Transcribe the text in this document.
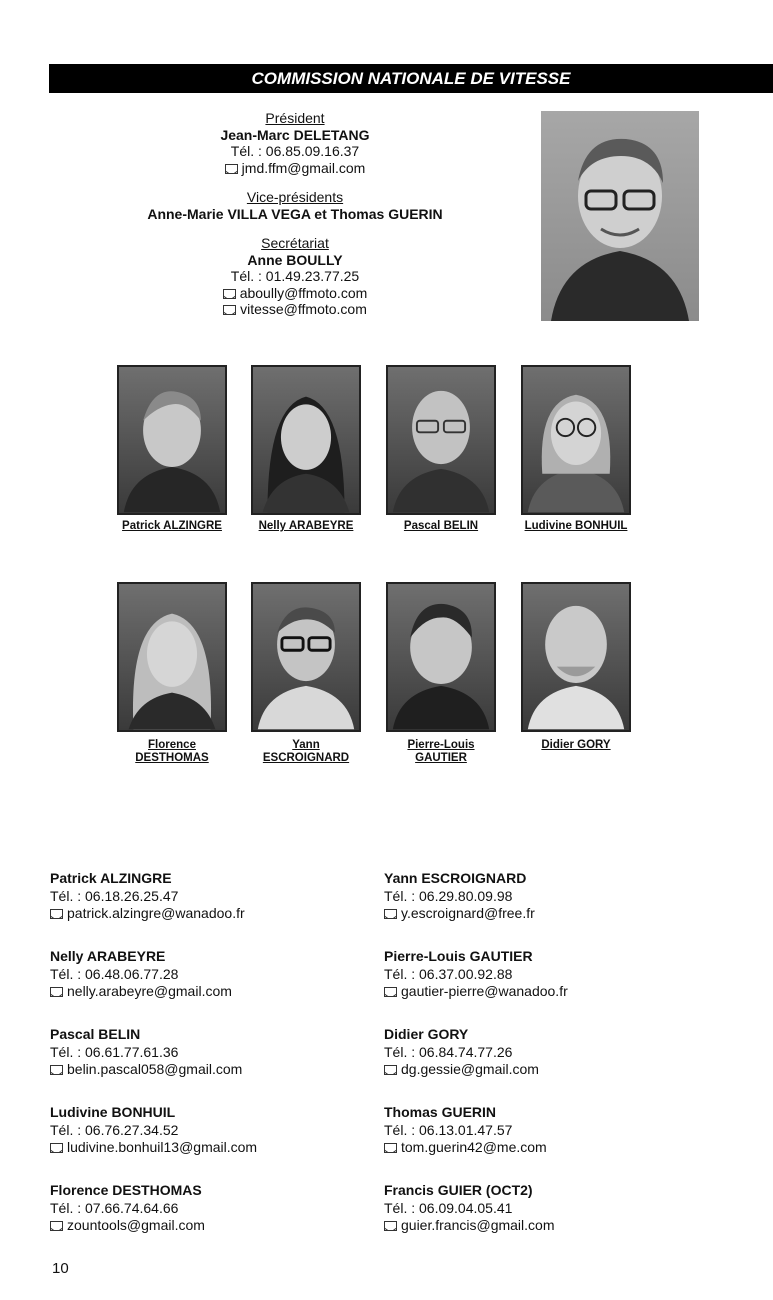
COMMISSION NATIONALE DE VITESSE
Président
Jean-Marc DELETANG
Tél. : 06.85.09.16.37
jmd.ffm@gmail.com
Vice-présidents
Anne-Marie VILLA VEGA et Thomas GUERIN
Secrétariat
Anne BOULLY
Tél. : 01.49.23.77.25
aboully@ffmoto.com
vitesse@ffmoto.com
Patrick ALZINGRE	Nelly ARABEYRE	Pascal BELIN	Ludivine BONHUIL
Florence
DESTHOMAS
Yann
ESCROIGNARD
Pierre-Louis
GAUTIER
Didier GORY
Patrick ALZINGRE
Tél. : 06.18.26.25.47
patrick.alzingre@wanadoo.fr
Nelly ARABEYRE
Tél. : 06.48.06.77.28
nelly.arabeyre@gmail.com
Pascal BELIN
Tél. : 06.61.77.61.36
belin.pascal058@gmail.com
Ludivine BONHUIL
Tél. : 06.76.27.34.52
ludivine.bonhuil13@gmail.com
Florence DESTHOMAS
Tél. : 07.66.74.64.66
zountools@gmail.com
Yann ESCROIGNARD
Tél. : 06.29.80.09.98
y.escroignard@free.fr
Pierre-Louis GAUTIER
Tél. : 06.37.00.92.88
gautier-pierre@wanadoo.fr
Didier GORY
Tél. : 06.84.74.77.26
dg.gessie@gmail.com
Thomas GUERIN
Tél. : 06.13.01.47.57
tom.guerin42@me.com
Francis GUIER (OCT2)
Tél. : 06.09.04.05.41
guier.francis@gmail.com
10
